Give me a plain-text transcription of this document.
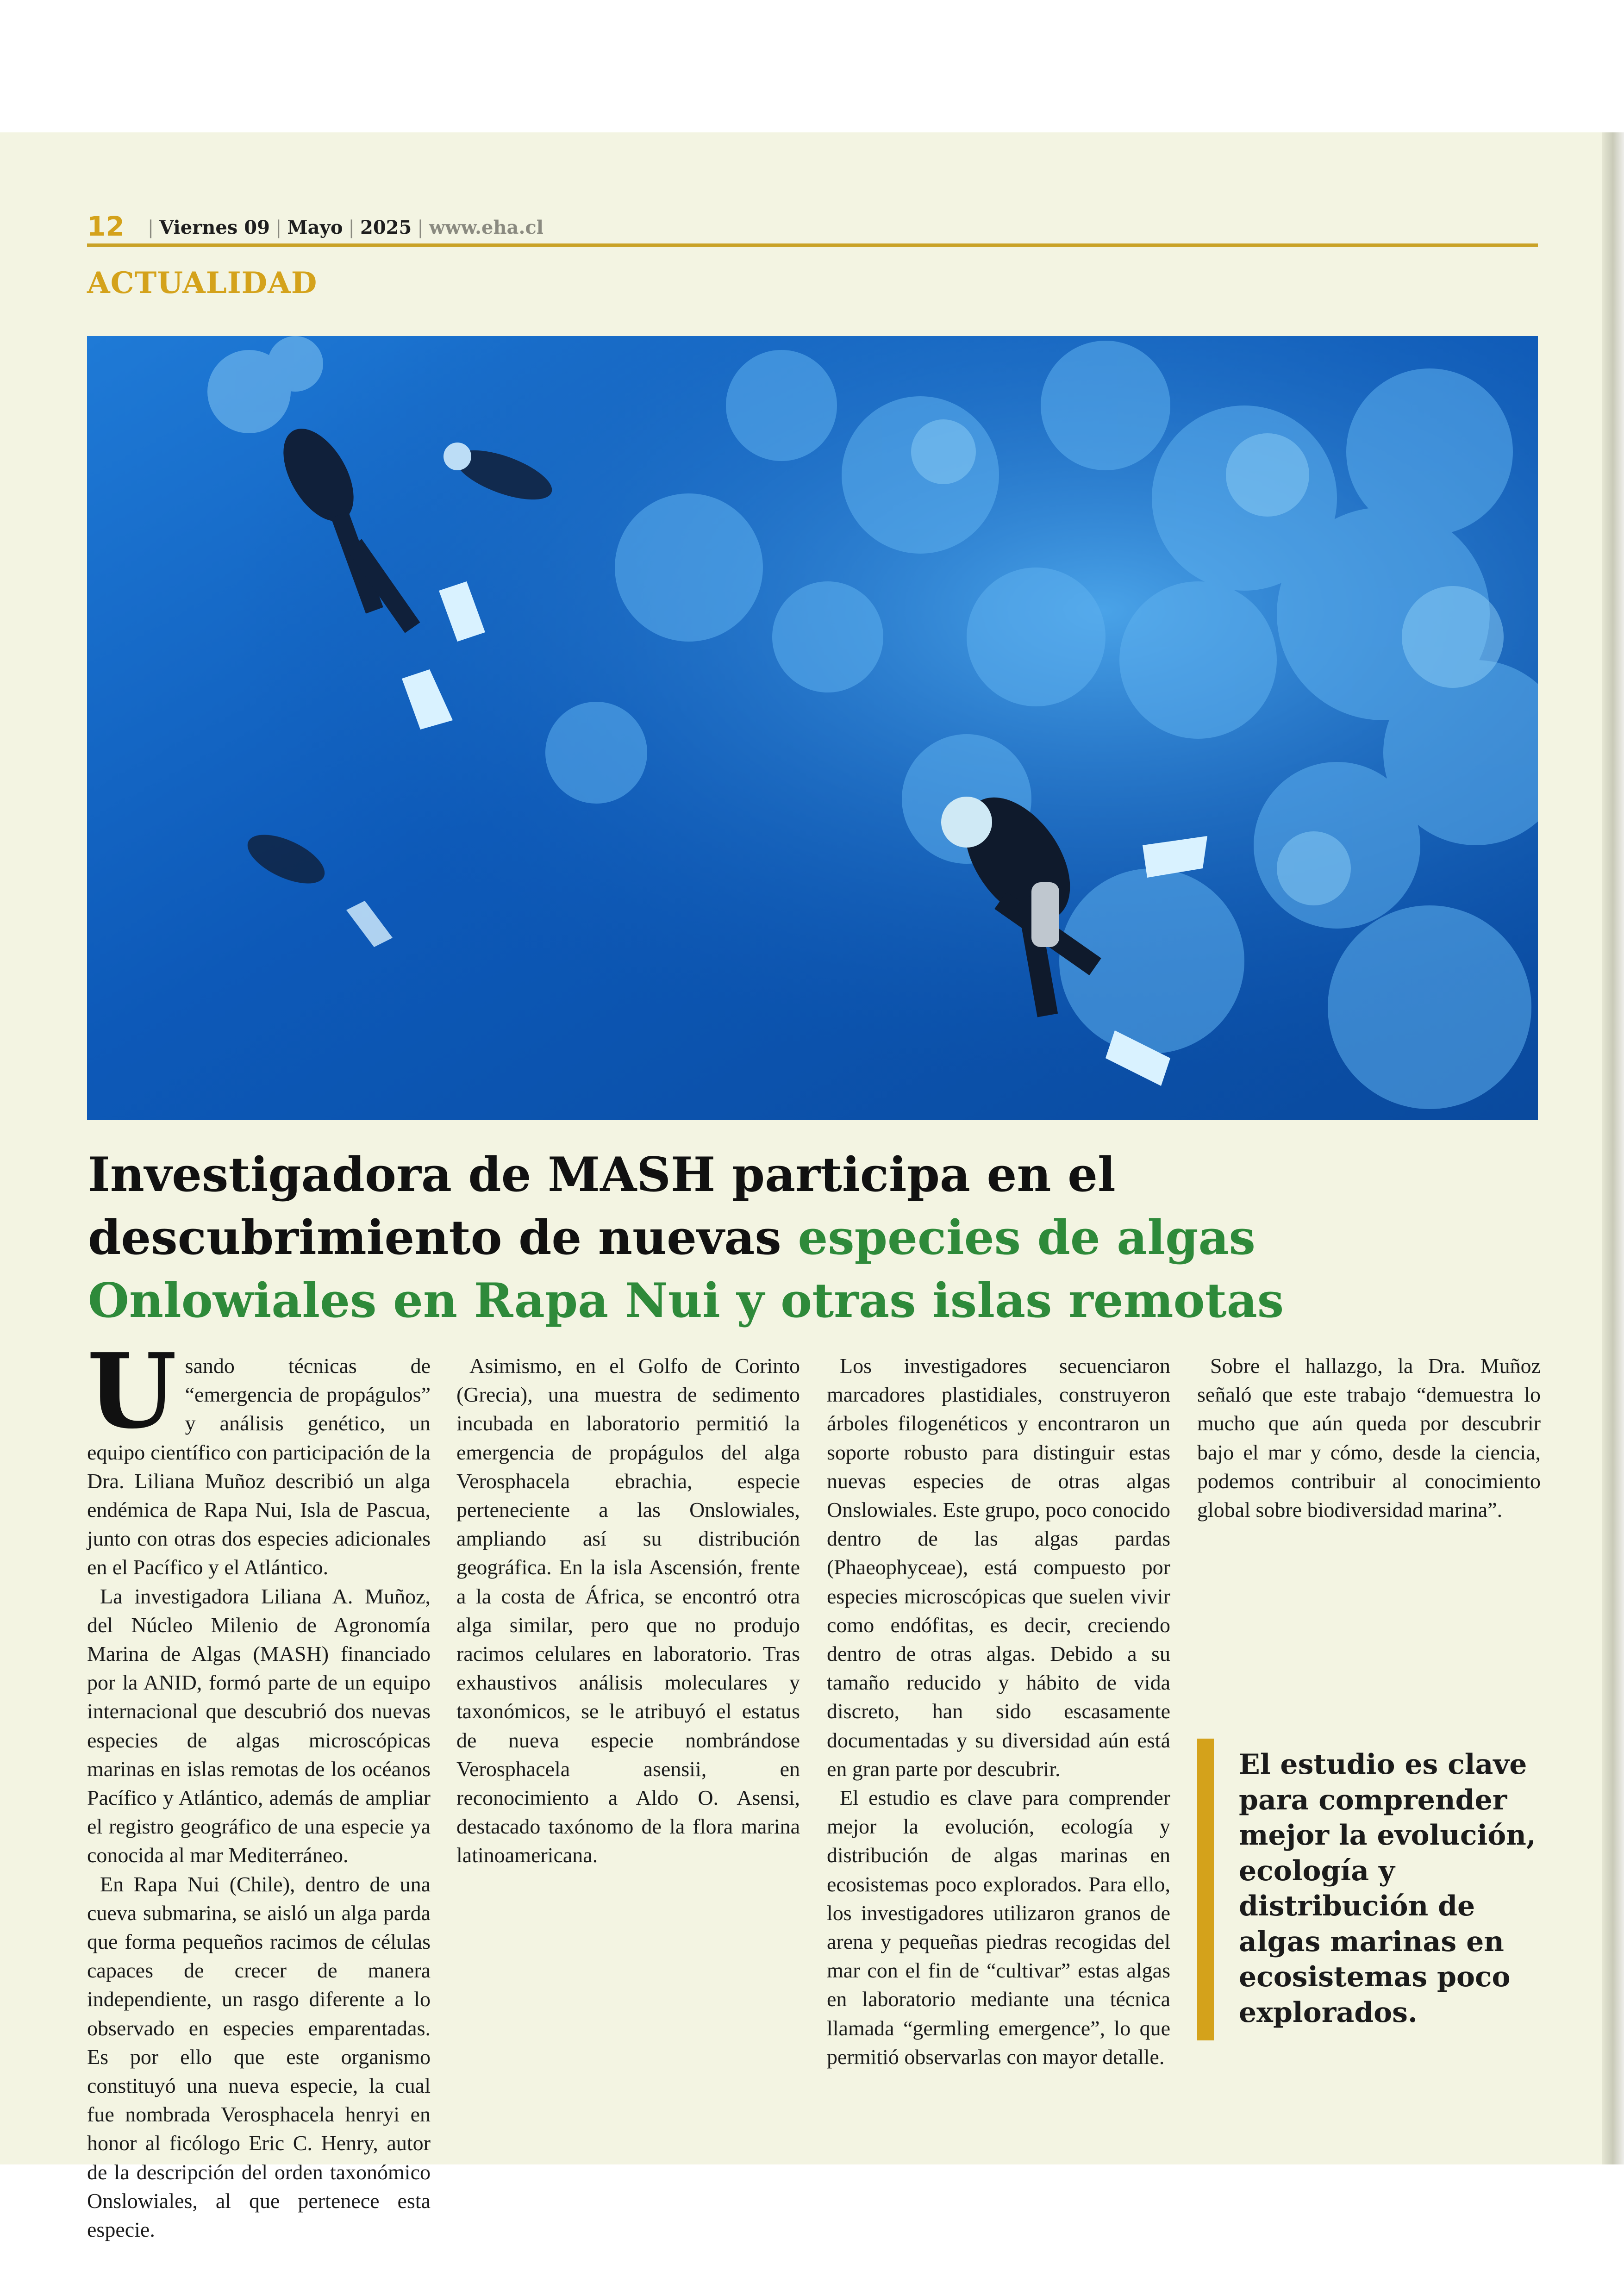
12	| Viernes 09 | Mayo | 2025 | www.eha.cl
ACTUALIDAD
Investigadora de MASH participa en el descubrimiento de nuevas especies de algas Onlowiales en Rapa Nui y otras islas remotas

Usando técnicas de “emergencia de propágulos” y análisis genético, un equipo científico con participación de la Dra. Liliana Muñoz describió un alga endémica de Rapa Nui, Isla de Pascua, junto con otras dos especies adicionales en el Pacífico y el Atlántico.

La investigadora Liliana A. Muñoz, del Núcleo Milenio de Agronomía Marina de Algas (MASH) financiado por la ANID, formó parte de un equipo internacional que descubrió dos nuevas especies de algas microscópicas marinas en islas remotas de los océanos Pacífico y Atlántico, además de ampliar el registro geográfico de una especie ya conocida al mar Mediterráneo.

En Rapa Nui (Chile), dentro de una cueva submarina, se aisló un alga parda que forma pequeños racimos de células capaces de crecer de manera independiente, un rasgo diferente a lo observado en especies emparentadas. Es por ello que este organismo constituyó una nueva especie, la cual fue nombrada Verosphacela henryi en honor al ficólogo Eric C. Henry, autor de la descripción del orden taxonómico Onslowiales, al que pertenece esta especie.

Asimismo, en el Golfo de Corinto (Grecia), una muestra de sedimento incubada en laboratorio permitió la emergencia de propágulos del alga Verosphacela ebrachia, especie perteneciente a las Onslowiales, ampliando así su distribución geográfica. En la isla Ascensión, frente a la costa de África, se encontró otra alga similar, pero que no produjo racimos celulares en laboratorio. Tras exhaustivos análisis moleculares y taxonómicos, se le atribuyó el estatus de nueva especie nombrándose Verosphacela asensii, en reconocimiento a Aldo O. Asensi, destacado taxónomo de la flora marina latinoamericana.

Los investigadores secuenciaron marcadores plastidiales, construyeron árboles filogenéticos y encontraron un soporte robusto para distinguir estas nuevas especies de otras algas Onslowiales. Este grupo, poco conocido dentro de las algas pardas (Phaeophyceae), está compuesto por especies microscópicas que suelen vivir como endófitas, es decir, creciendo dentro de otras algas. Debido a su tamaño reducido y hábito de vida discreto, han sido escasamente documentadas y su diversidad aún está en gran parte por descubrir.

El estudio es clave para comprender mejor la evolución, ecología y distribución de algas marinas en ecosistemas poco explorados. Para ello, los investigadores utilizaron granos de arena y pequeñas piedras recogidas del mar con el fin de “cultivar” estas algas en laboratorio mediante una técnica llamada “germling emergence”, lo que permitió observarlas con mayor detalle.

Sobre el hallazgo, la Dra. Muñoz señaló que este trabajo “demuestra lo mucho que aún queda por descubrir bajo el mar y cómo, desde la ciencia, podemos contribuir al conocimiento global sobre biodiversidad marina”.

El estudio es clave para comprender mejor la evolución, ecología y distribución de algas marinas en ecosistemas poco explorados.
